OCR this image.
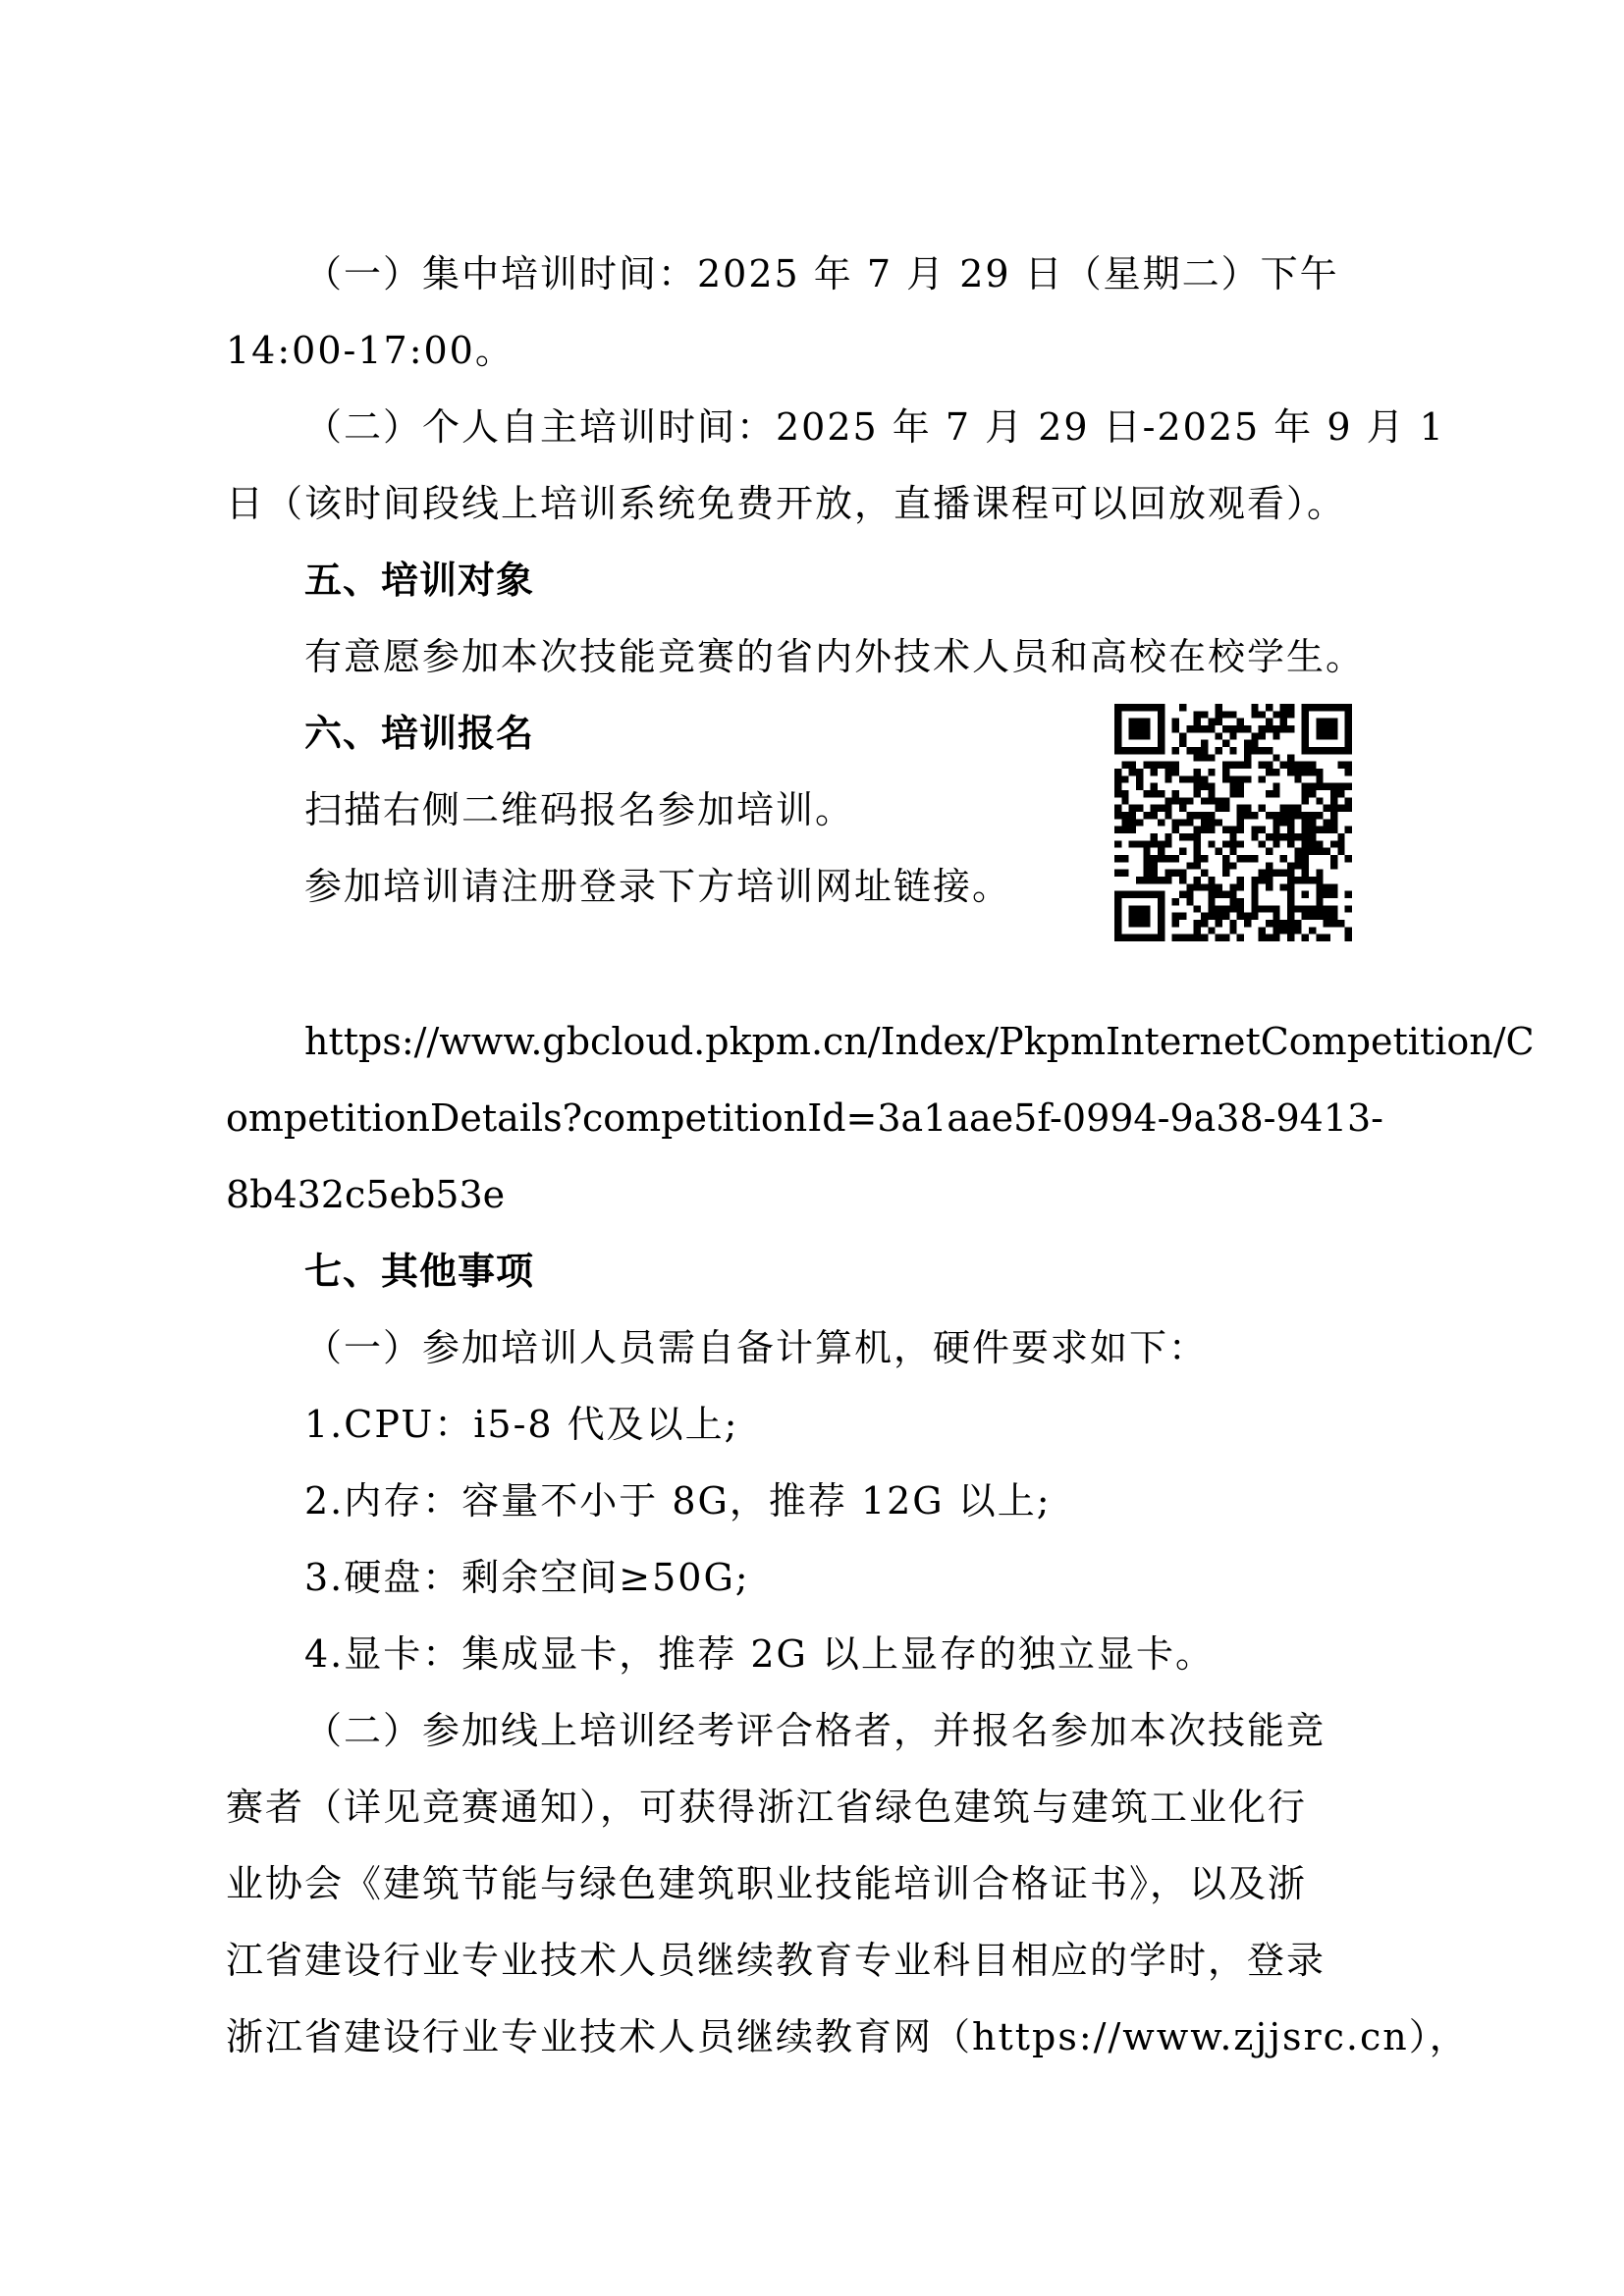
（一）集中培训时间：2025 年 7 月 29 日（星期二）下午
14:00-17:00。
（二）个人自主培训时间：2025 年 7 月 29 日-2025 年 9 月 1
日（该时间段线上培训系统免费开放，直播课程可以回放观看）。
五、培训对象
有意愿参加本次技能竞赛的省内外技术人员和高校在校学生。
六、培训报名
扫描右侧二维码报名参加培训。
参加培训请注册登录下方培训网址链接。
https://www.gbcloud.pkpm.cn/Index/PkpmInternetCompetition/C
ompetitionDetails?competitionId=3a1aae5f-0994-9a38-9413-
8b432c5eb53e
七、其他事项
（一）参加培训人员需自备计算机，硬件要求如下：
1.CPU：i5-8 代及以上;
2.内存：容量不小于 8G，推荐 12G 以上;
3.硬盘：剩余空间≥50G;
4.显卡：集成显卡，推荐 2G 以上显存的独立显卡。
（二）参加线上培训经考评合格者，并报名参加本次技能竞
赛者（详见竞赛通知），可获得浙江省绿色建筑与建筑工业化行
业协会《建筑节能与绿色建筑职业技能培训合格证书》，以及浙
江省建设行业专业技术人员继续教育专业科目相应的学时，登录
浙江省建设行业专业技术人员继续教育网（https://www.zjjsrc.cn），
